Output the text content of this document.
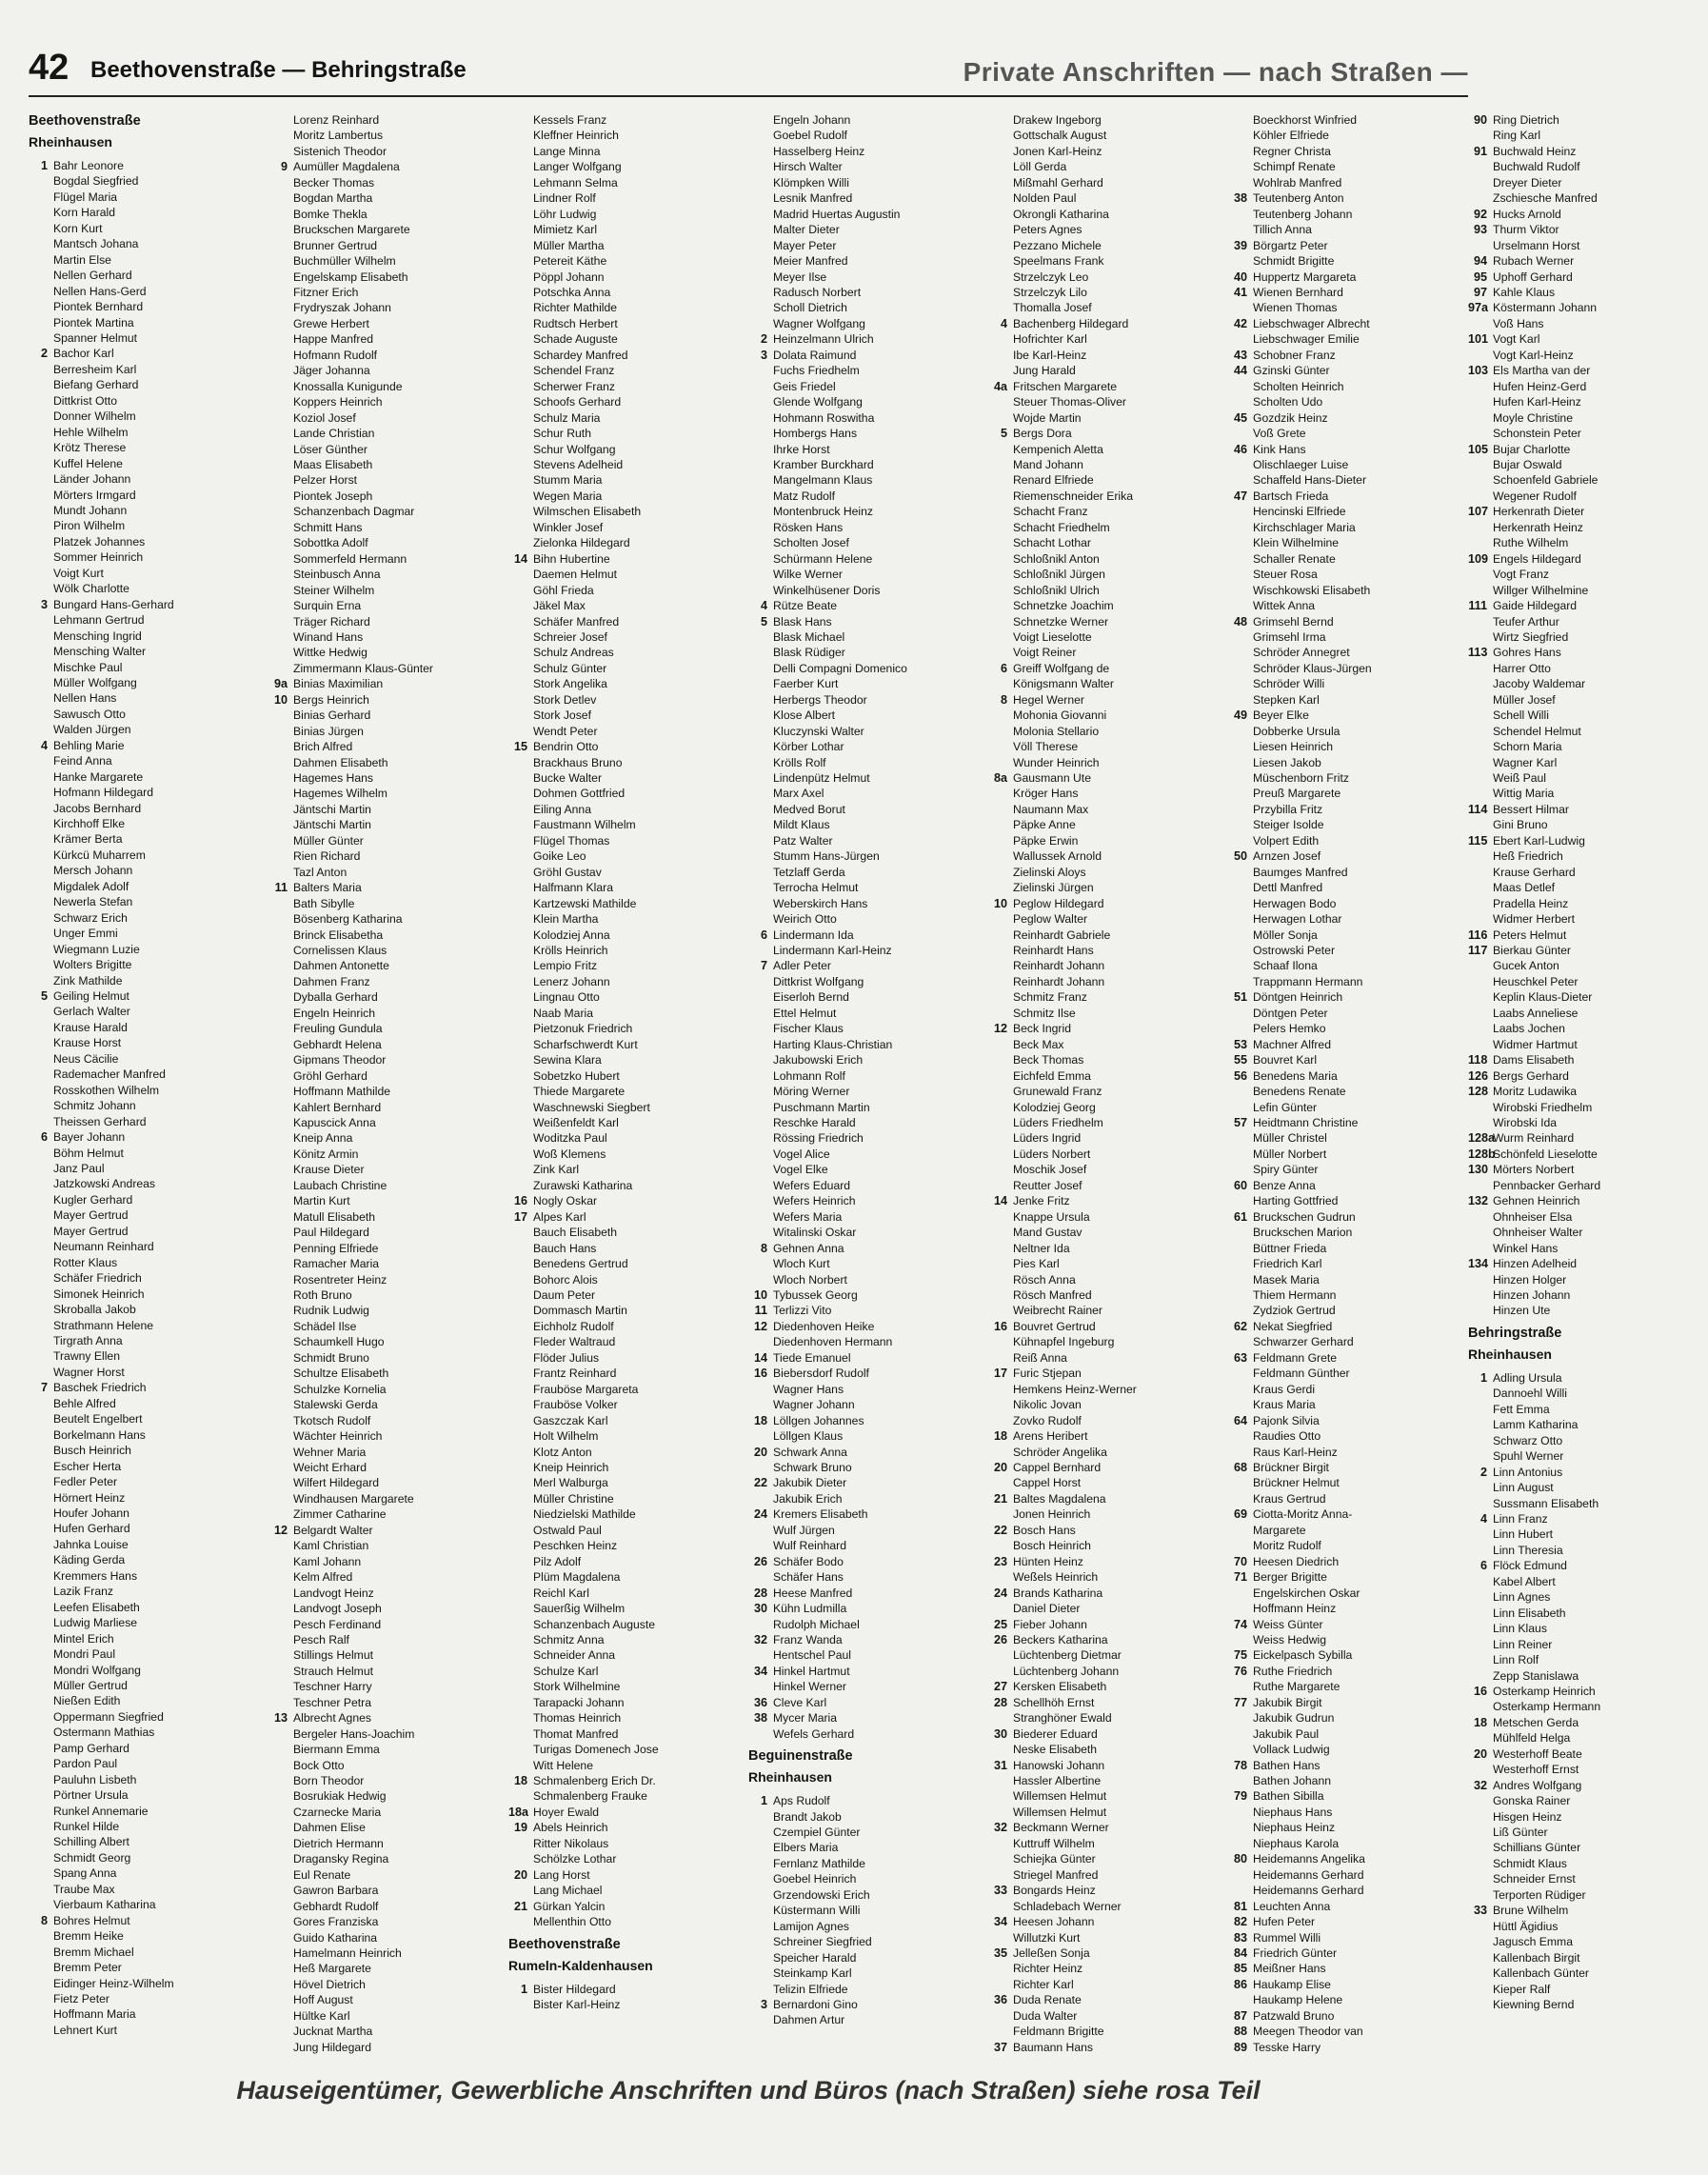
42 Beethovenstraße — Behringstraße	Private Anschriften — nach Straßen —
Beethovenstraße
Rheinhausen
1 Bahr Leonore
Bogdal Siegfried
Flügel Maria
Korn Harald
Korn Kurt
Mantsch Johana
Martin Else
Nellen Gerhard
Nellen Hans-Gerd
Piontek Bernhard
Piontek Martina
Spanner Helmut
2 Bachor Karl
Berresheim Karl
Biefang Gerhard
Dittkrist Otto
Donner Wilhelm
Hehle Wilhelm
Krötz Therese
Kuffel Helene
Länder Johann
Mörters Irmgard
Mundt Johann
Piron Wilhelm
Platzek Johannes
Sommer Heinrich
Voigt Kurt
Wölk Charlotte
3 Bungard Hans-Gerhard
Lehmann Gertrud
Mensching Ingrid
Mensching Walter
Mischke Paul
Müller Wolfgang
Nellen Hans
Sawusch Otto
Walden Jürgen
4 Behling Marie
Feind Anna
Hanke Margarete
Hofmann Hildegard
Jacobs Bernhard
Kirchhoff Elke
Krämer Berta
Kürkcü Muharrem
Mersch Johann
Migdalek Adolf
Newerla Stefan
Schwarz Erich
Unger Emmi
Wiegmann Luzie
Wolters Brigitte
Zink Mathilde
5 Geiling Helmut
Gerlach Walter
Krause Harald
Krause Horst
Neus Cäcilie
Rademacher Manfred
Rosskothen Wilhelm
Schmitz Johann
Theissen Gerhard
6 Bayer Johann
Böhm Helmut
Janz Paul
Jatzkowski Andreas
Kugler Gerhard
Mayer Gertrud
Mayer Gertrud
Neumann Reinhard
Rotter Klaus
Schäfer Friedrich
Simonek Heinrich
Skroballa Jakob
Strathmann Helene
Tirgrath Anna
Trawny Ellen
Wagner Horst
7 Baschek Friedrich
Behle Alfred
Beutelt Engelbert
Borkelmann Hans
Busch Heinrich
Escher Herta
Fedler Peter
Hörnert Heinz
Houfer Johann
Hufen Gerhard
Jahnka Louise
Käding Gerda
Kremmers Hans
Lazik Franz
Leefen Elisabeth
Ludwig Marliese
Mintel Erich
Mondri Paul
Mondri Wolfgang
Müller Gertrud
Nießen Edith
Oppermann Siegfried
Ostermann Mathias
Pamp Gerhard
Pardon Paul
Pauluhn Lisbeth
Pörtner Ursula
Runkel Annemarie
Runkel Hilde
Schilling Albert
Schmidt Georg
Spang Anna
Traube Max
Vierbaum Katharina
8 Bohres Helmut
Bremm Heike
Bremm Michael
Bremm Peter
Eidinger Heinz-Wilhelm
Fietz Peter
Hoffmann Maria
Lehnert Kurt
Lorenz Reinhard
Moritz Lambertus
Sistenich Theodor
9 Aumüller Magdalena
Becker Thomas
Bogdan Martha
Bomke Thekla
Bruckschen Margarete
Brunner Gertrud
Buchmüller Wilhelm
Engelskamp Elisabeth
Fitzner Erich
Frydryszak Johann
Grewe Herbert
Happe Manfred
Hofmann Rudolf
Jäger Johanna
Knossalla Kunigunde
Koppers Heinrich
Koziol Josef
Lande Christian
Löser Günther
Maas Elisabeth
Pelzer Horst
Piontek Joseph
Schanzenbach Dagmar
Schmitt Hans
Sobottka Adolf
Sommerfeld Hermann
Steinbusch Anna
Steiner Wilhelm
Surquin Erna
Träger Richard
Winand Hans
Wittke Hedwig
Zimmermann Klaus-Günter
9a Binias Maximilian
10 Bergs Heinrich
Binias Gerhard
Binias Jürgen
Brich Alfred
Dahmen Elisabeth
Hagemes Hans
Hagemes Wilhelm
Jäntschi Martin
Jäntschi Martin
Müller Günter
Rien Richard
Tazl Anton
11 Balters Maria
Bath Sibylle
Bösenberg Katharina
Brinck Elisabetha
Cornelissen Klaus
Dahmen Antonette
Dahmen Franz
Dyballa Gerhard
Engeln Heinrich
Freuling Gundula
Gebhardt Helena
Gipmans Theodor
Gröhl Gerhard
Hoffmann Mathilde
Kahlert Bernhard
Kapuscick Anna
Kneip Anna
Könitz Armin
Krause Dieter
Laubach Christine
Martin Kurt
Matull Elisabeth
Paul Hildegard
Penning Elfriede
Ramacher Maria
Rosentreter Heinz
Roth Bruno
Rudnik Ludwig
Schädel Ilse
Schaumkell Hugo
Schmidt Bruno
Schultze Elisabeth
Schulzke Kornelia
Stalewski Gerda
Tkotsch Rudolf
Wächter Heinrich
Wehner Maria
Weicht Erhard
Wilfert Hildegard
Windhausen Margarete
Zimmer Catharine
12 Belgardt Walter
Kaml Christian
Kaml Johann
Kelm Alfred
Landvogt Heinz
Landvogt Joseph
Pesch Ferdinand
Pesch Ralf
Stillings Helmut
Strauch Helmut
Teschner Harry
Teschner Petra
13 Albrecht Agnes
Bergeler Hans-Joachim
Biermann Emma
Bock Otto
Born Theodor
Bosrukiak Hedwig
Czarnecke Maria
Dahmen Elise
Dietrich Hermann
Dragansky Regina
Eul Renate
Gawron Barbara
Gebhardt Rudolf
Gores Franziska
Guido Katharina
Hamelmann Heinrich
Heß Margarete
Hövel Dietrich
Hoff August
Hültke Karl
Jucknat Martha
Jung Hildegard
Kessels Franz
Kleffner Heinrich
Lange Minna
Langer Wolfgang
Lehmann Selma
Lindner Rolf
Löhr Ludwig
Mimietz Karl
Müller Martha
Petereit Käthe
Pöppl Johann
Potschka Anna
Richter Mathilde
Rudtsch Herbert
Schade Auguste
Schardey Manfred
Schendel Franz
Scherwer Franz
Schoofs Gerhard
Schulz Maria
Schur Ruth
Schur Wolfgang
Stevens Adelheid
Stumm Maria
Wegen Maria
Wilmschen Elisabeth
Winkler Josef
Zielonka Hildegard
14 Bihn Hubertine
Daemen Helmut
Göhl Frieda
Jäkel Max
Schäfer Manfred
Schreier Josef
Schulz Andreas
Schulz Günter
Stork Angelika
Stork Detlev
Stork Josef
Wendt Peter
15 Bendrin Otto
Brackhaus Bruno
Bucke Walter
Dohmen Gottfried
Eiling Anna
Faustmann Wilhelm
Flügel Thomas
Goike Leo
Gröhl Gustav
Halfmann Klara
Kartzewski Mathilde
Klein Martha
Kolodziej Anna
Krölls Heinrich
Lempio Fritz
Lenerz Johann
Lingnau Otto
Naab Maria
Pietzonuk Friedrich
Scharfschwerdt Kurt
Sewina Klara
Sobetzko Hubert
Thiede Margarete
Waschnewski Siegbert
Weißenfeldt Karl
Woditzka Paul
Woß Klemens
Zink Karl
Zurawski Katharina
16 Nogly Oskar
17 Alpes Karl
Bauch Elisabeth
Bauch Hans
Benedens Gertrud
Bohorc Alois
Daum Peter
Dommasch Martin
Eichholz Rudolf
Fleder Waltraud
Flöder Julius
Frantz Reinhard
Frauböse Margareta
Frauböse Volker
Gaszczak Karl
Holt Wilhelm
Klotz Anton
Kneip Heinrich
Merl Walburga
Müller Christine
Niedzielski Mathilde
Ostwald Paul
Peschken Heinz
Pilz Adolf
Plüm Magdalena
Reichl Karl
Sauerßig Wilhelm
Schanzenbach Auguste
Schmitz Anna
Schneider Anna
Schulze Karl
Stork Wilhelmine
Tarapacki Johann
Thomas Heinrich
Thomat Manfred
Turigas Domenech Jose
Witt Helene
18 Schmalenberg Erich Dr.
Schmalenberg Frauke
18a Hoyer Ewald
19 Abels Heinrich
Ritter Nikolaus
Schölzke Lothar
20 Lang Horst
Lang Michael
21 Gürkan Yalcin
Mellenthin Otto
Beethovenstraße
Rumeln-Kaldenhausen
1 Bister Hildegard
Bister Karl-Heinz
Engeln Johann
Goebel Rudolf
Hasselberg Heinz
Hirsch Walter
Klömpken Willi
Lesnik Manfred
Madrid Huertas Augustin
Malter Dieter
Mayer Peter
Meier Manfred
Meyer Ilse
Radusch Norbert
Scholl Dietrich
Wagner Wolfgang
2 Heinzelmann Ulrich
3 Dolata Raimund
Fuchs Friedhelm
Geis Friedel
Glende Wolfgang
Hohmann Roswitha
Hombergs Hans
Ihrke Horst
Kramber Burckhard
Mangelmann Klaus
Matz Rudolf
Montenbruck Heinz
Rösken Hans
Scholten Josef
Schürmann Helene
Wilke Werner
Winkelhüsener Doris
4 Rütze Beate
5 Blask Hans
Blask Michael
Blask Rüdiger
Delli Compagni Domenico
Faerber Kurt
Herbergs Theodor
Klose Albert
Kluczynski Walter
Körber Lothar
Krölls Rolf
Lindenpütz Helmut
Marx Axel
Medved Borut
Mildt Klaus
Patz Walter
Stumm Hans-Jürgen
Tetzlaff Gerda
Terrocha Helmut
Weberskirch Hans
Weirich Otto
6 Lindermann Ida
Lindermann Karl-Heinz
7 Adler Peter
Dittkrist Wolfgang
Eiserloh Bernd
Ettel Helmut
Fischer Klaus
Harting Klaus-Christian
Jakubowski Erich
Lohmann Rolf
Möring Werner
Puschmann Martin
Reschke Harald
Rössing Friedrich
Vogel Alice
Vogel Elke
Wefers Eduard
Wefers Heinrich
Wefers Maria
Witalinski Oskar
8 Gehnen Anna
Wloch Kurt
Wloch Norbert
10 Tybussek Georg
11 Terlizzi Vito
12 Diedenhoven Heike
Diedenhoven Hermann
14 Tiede Emanuel
16 Biebersdorf Rudolf
Wagner Hans
Wagner Johann
18 Löllgen Johannes
Löllgen Klaus
20 Schwark Anna
Schwark Bruno
22 Jakubik Dieter
Jakubik Erich
24 Kremers Elisabeth
Wulf Jürgen
Wulf Reinhard
26 Schäfer Bodo
Schäfer Hans
28 Heese Manfred
30 Kühn Ludmilla
Rudolph Michael
32 Franz Wanda
Hentschel Paul
34 Hinkel Hartmut
Hinkel Werner
36 Cleve Karl
38 Mycer Maria
Wefels Gerhard
Beguinenstraße
Rheinhausen
1 Aps Rudolf
Brandt Jakob
Czempiel Günter
Elbers Maria
Fernlanz Mathilde
Goebel Heinrich
Grzendowski Erich
Küstermann Willi
Lamijon Agnes
Schreiner Siegfried
Speicher Harald
Steinkamp Karl
Telizin Elfriede
3 Bernardoni Gino
Dahmen Artur
Drakew Ingeborg
Gottschalk August
Jonen Karl-Heinz
Löll Gerda
Mißmahl Gerhard
Nolden Paul
Okrongli Katharina
Peters Agnes
Pezzano Michele
Speelmans Frank
Strzelczyk Leo
Strzelczyk Lilo
Thomalla Josef
4 Bachenberg Hildegard
Hofrichter Karl
Ibe Karl-Heinz
Jung Harald
4a Fritschen Margarete
Steuer Thomas-Oliver
Wojde Martin
5 Bergs Dora
Kempenich Aletta
Mand Johann
Renard Elfriede
Riemenschneider Erika
Schacht Franz
Schacht Friedhelm
Schacht Lothar
Schloßnikl Anton
Schloßnikl Jürgen
Schloßnikl Ulrich
Schnetzke Joachim
Schnetzke Werner
Voigt Lieselotte
Voigt Reiner
6 Greiff Wolfgang de
Königsmann Walter
8 Hegel Werner
Mohonia Giovanni
Molonia Stellario
Völl Therese
Wunder Heinrich
8a Gausmann Ute
Kröger Hans
Naumann Max
Päpke Anne
Päpke Erwin
Wallussek Arnold
Zielinski Aloys
Zielinski Jürgen
10 Peglow Hildegard
Peglow Walter
Reinhardt Gabriele
Reinhardt Hans
Reinhardt Johann
Reinhardt Johann
Schmitz Franz
Schmitz Ilse
12 Beck Ingrid
Beck Max
Beck Thomas
Eichfeld Emma
Grunewald Franz
Kolodziej Georg
Lüders Friedhelm
Lüders Ingrid
Lüders Norbert
Moschik Josef
Reutter Josef
14 Jenke Fritz
Knappe Ursula
Mand Gustav
Neltner Ida
Pies Karl
Rösch Anna
Rösch Manfred
Weibrecht Rainer
16 Bouvret Gertrud
Kühnapfel Ingeburg
Reiß Anna
17 Furic Stjepan
Hemkens Heinz-Werner
Nikolic Jovan
Zovko Rudolf
18 Arens Heribert
Schröder Angelika
20 Cappel Bernhard
Cappel Horst
21 Baltes Magdalena
Jonen Heinrich
22 Bosch Hans
Bosch Heinrich
23 Hünten Heinz
Weßels Heinrich
24 Brands Katharina
Daniel Dieter
25 Fieber Johann
26 Beckers Katharina
Lüchtenberg Dietmar
Lüchtenberg Johann
27 Kersken Elisabeth
28 Schellhöh Ernst
Stranghöner Ewald
30 Biederer Eduard
Neske Elisabeth
31 Hanowski Johann
Hassler Albertine
Willemsen Helmut
Willemsen Helmut
32 Beckmann Werner
Kuttruff Wilhelm
Schiejka Günter
Striegel Manfred
33 Bongards Heinz
Schladebach Werner
34 Heesen Johann
Willutzki Kurt
35 Jelleßen Sonja
Richter Heinz
Richter Karl
36 Duda Renate
Duda Walter
Feldmann Brigitte
37 Baumann Hans
Boeckhorst Winfried
Köhler Elfriede
Regner Christa
Schimpf Renate
Wohlrab Manfred
38 Teutenberg Anton
Teutenberg Johann
Tillich Anna
39 Börgartz Peter
Schmidt Brigitte
40 Huppertz Margareta
41 Wienen Bernhard
Wienen Thomas
42 Liebschwager Albrecht
Liebschwager Emilie
43 Schobner Franz
44 Gzinski Günter
Scholten Heinrich
Scholten Udo
45 Gozdzik Heinz
Voß Grete
46 Kink Hans
Olischlaeger Luise
Schaffeld Hans-Dieter
47 Bartsch Frieda
Hencinski Elfriede
Kirchschlager Maria
Klein Wilhelmine
Schaller Renate
Steuer Rosa
Wischkowski Elisabeth
Wittek Anna
48 Grimsehl Bernd
Grimsehl Irma
Schröder Annegret
Schröder Klaus-Jürgen
Schröder Willi
Stepken Karl
49 Beyer Elke
Dobberke Ursula
Liesen Heinrich
Liesen Jakob
Müschenborn Fritz
Preuß Margarete
Przybilla Fritz
Steiger Isolde
Volpert Edith
50 Arnzen Josef
Baumges Manfred
Dettl Manfred
Herwagen Bodo
Herwagen Lothar
Möller Sonja
Ostrowski Peter
Schaaf Ilona
Trappmann Hermann
51 Döntgen Heinrich
Döntgen Peter
Pelers Hemko
53 Machner Alfred
55 Bouvret Karl
56 Benedens Maria
Benedens Renate
Lefin Günter
57 Heidtmann Christine
Müller Christel
Müller Norbert
Spiry Günter
60 Benze Anna
Harting Gottfried
61 Bruckschen Gudrun
Bruckschen Marion
Büttner Frieda
Friedrich Karl
Masek Maria
Thiem Hermann
Zydziok Gertrud
62 Nekat Siegfried
Schwarzer Gerhard
63 Feldmann Grete
Feldmann Günther
Kraus Gerdi
Kraus Maria
64 Pajonk Silvia
Raudies Otto
Raus Karl-Heinz
68 Brückner Birgit
Brückner Helmut
Kraus Gertrud
69 Ciotta-Moritz Anna-
Margarete
Moritz Rudolf
70 Heesen Diedrich
71 Berger Brigitte
Engelskirchen Oskar
Hoffmann Heinz
74 Weiss Günter
Weiss Hedwig
75 Eickelpasch Sybilla
76 Ruthe Friedrich
Ruthe Margarete
77 Jakubik Birgit
Jakubik Gudrun
Jakubik Paul
Vollack Ludwig
78 Bathen Hans
Bathen Johann
79 Bathen Sibilla
Niephaus Hans
Niephaus Heinz
Niephaus Karola
80 Heidemanns Angelika
Heidemanns Gerhard
Heidemanns Gerhard
81 Leuchten Anna
82 Hufen Peter
83 Rummel Willi
84 Friedrich Günter
85 Meißner Hans
86 Haukamp Elise
Haukamp Helene
87 Patzwald Bruno
88 Meegen Theodor van
89 Tesske Harry
90 Ring Dietrich
Ring Karl
91 Buchwald Heinz
Buchwald Rudolf
Dreyer Dieter
Zschiesche Manfred
92 Hucks Arnold
93 Thurm Viktor
Urselmann Horst
94 Rubach Werner
95 Uphoff Gerhard
97 Kahle Klaus
97a Köstermann Johann
Voß Hans
101 Vogt Karl
Vogt Karl-Heinz
103 Els Martha van der
Hufen Heinz-Gerd
Hufen Karl-Heinz
Moyle Christine
Schonstein Peter
105 Bujar Charlotte
Bujar Oswald
Schoenfeld Gabriele
Wegener Rudolf
107 Herkenrath Dieter
Herkenrath Heinz
Ruthe Wilhelm
109 Engels Hildegard
Vogt Franz
Willger Wilhelmine
111 Gaide Hildegard
Teufer Arthur
Wirtz Siegfried
113 Gohres Hans
Harrer Otto
Jacoby Waldemar
Müller Josef
Schell Willi
Schendel Helmut
Schorn Maria
Wagner Karl
Weiß Paul
Wittig Maria
114 Bessert Hilmar
Gini Bruno
115 Ebert Karl-Ludwig
Heß Friedrich
Krause Gerhard
Maas Detlef
Pradella Heinz
Widmer Herbert
116 Peters Helmut
117 Bierkau Günter
Gucek Anton
Heuschkel Peter
Keplin Klaus-Dieter
Laabs Anneliese
Laabs Jochen
Widmer Hartmut
118 Dams Elisabeth
126 Bergs Gerhard
128 Moritz Ludawika
Wirobski Friedhelm
Wirobski Ida
128aWurm Reinhard
128bSchönfeld Lieselotte
130 Mörters Norbert
Pennbacker Gerhard
132 Gehnen Heinrich
Ohnheiser Elsa
Ohnheiser Walter
Winkel Hans
134 Hinzen Adelheid
Hinzen Holger
Hinzen Johann
Hinzen Ute
Behringstraße
Rheinhausen
1 Adling Ursula
Dannoehl Willi
Fett Emma
Lamm Katharina
Schwarz Otto
Spuhl Werner
2 Linn Antonius
Linn August
Sussmann Elisabeth
4 Linn Franz
Linn Hubert
Linn Theresia
6 Flöck Edmund
Kabel Albert
Linn Agnes
Linn Elisabeth
Linn Klaus
Linn Reiner
Linn Rolf
Zepp Stanislawa
16 Osterkamp Heinrich
Osterkamp Hermann
18 Metschen Gerda
Mühlfeld Helga
20 Westerhoff Beate
Westerhoff Ernst
32 Andres Wolfgang
Gonska Rainer
Hisgen Heinz
Liß Günter
Schillians Günter
Schmidt Klaus
Schneider Ernst
Terporten Rüdiger
33 Brune Wilhelm
Hüttl Ägidius
Jagusch Emma
Kallenbach Birgit
Kallenbach Günter
Kieper Ralf
Kiewning Bernd
Hauseigentümer, Gewerbliche Anschriften und Büros (nach Straßen) siehe rosa Teil
